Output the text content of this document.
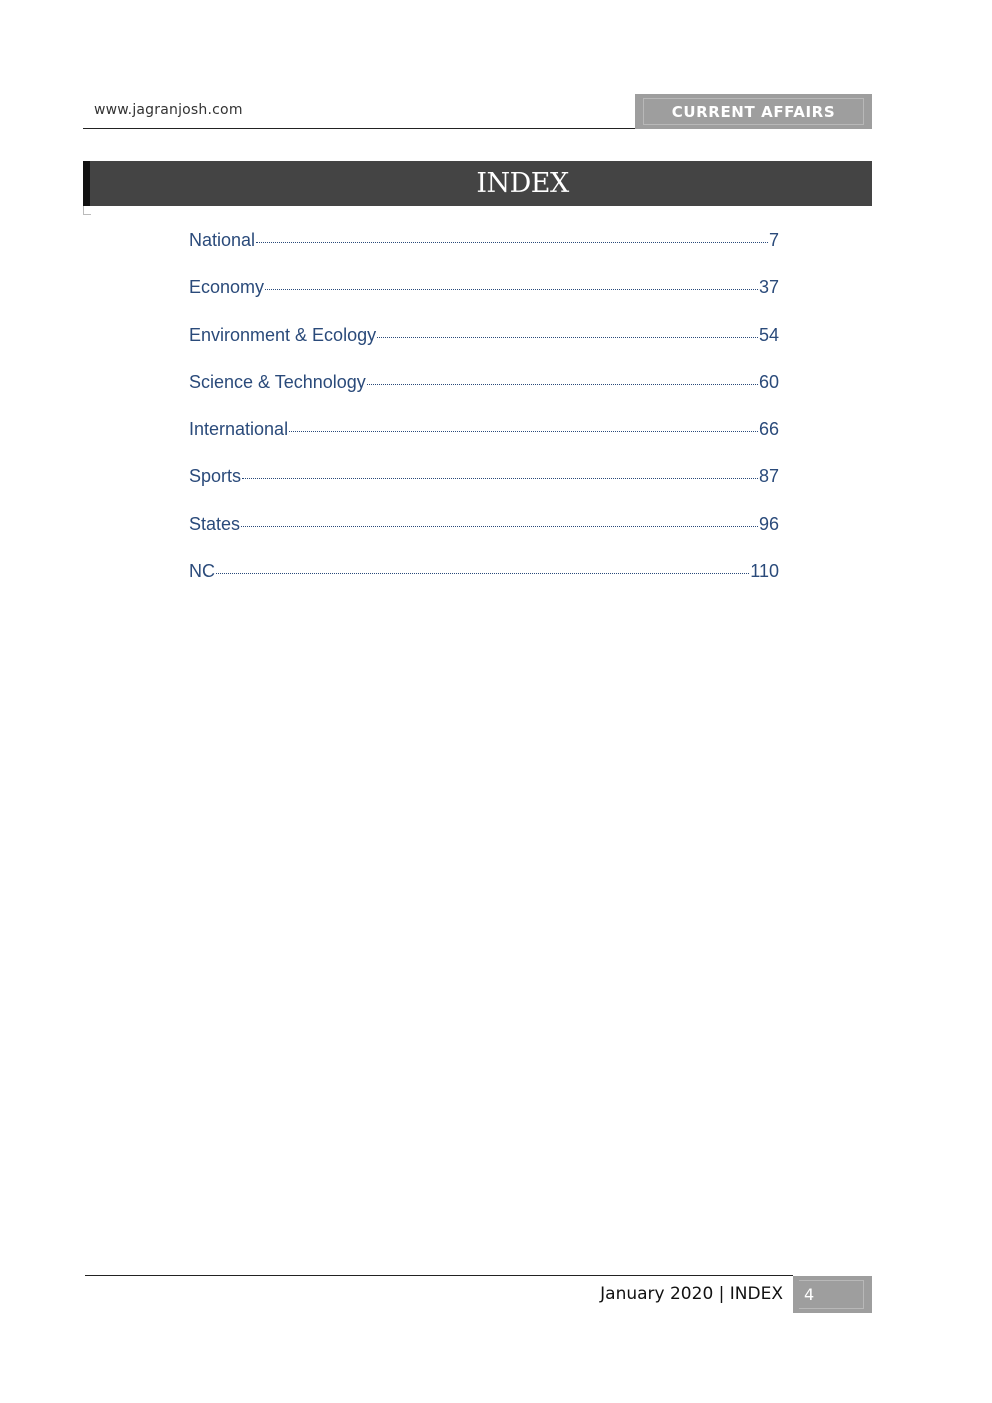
www.jagranjosh.com	CURRENT AFFAIRS
INDEX
National	7
Economy	37
Environment & Ecology	54
Science & Technology	60
International	66
Sports	87
States	96
NC	110
January 2020 | INDEX 4
